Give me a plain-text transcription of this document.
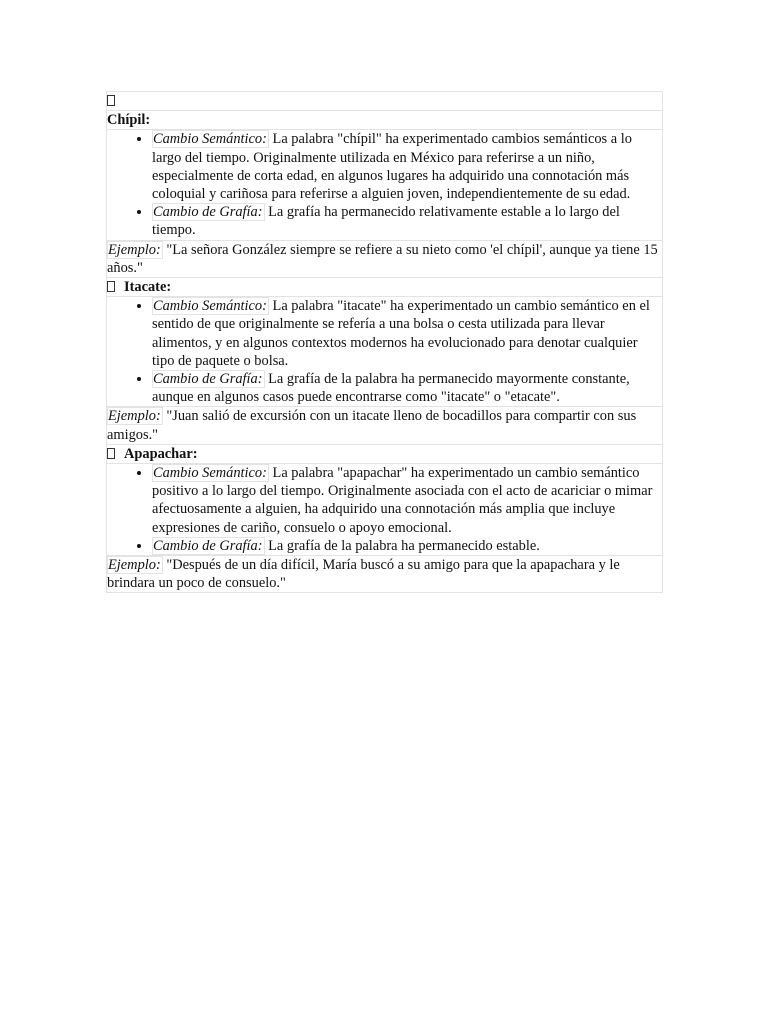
Chípil:
• Cambio Semántico: La palabra "chípil" ha experimentado cambios semánticos a lo largo del tiempo. Originalmente utilizada en México para referirse a un niño, especialmente de corta edad, en algunos lugares ha adquirido una connotación más coloquial y cariñosa para referirse a alguien joven, independientemente de su edad.
• Cambio de Grafía: La grafía ha permanecido relativamente estable a lo largo del tiempo.
Ejemplo: "La señora González siempre se refiere a su nieto como 'el chípil', aunque ya tiene 15 años."
Itacate:
• Cambio Semántico: La palabra "itacate" ha experimentado un cambio semántico en el sentido de que originalmente se refería a una bolsa o cesta utilizada para llevar alimentos, y en algunos contextos modernos ha evolucionado para denotar cualquier tipo de paquete o bolsa.
• Cambio de Grafía: La grafía de la palabra ha permanecido mayormente constante, aunque en algunos casos puede encontrarse como "itacate" o "etacate".
Ejemplo: "Juan salió de excursión con un itacate lleno de bocadillos para compartir con sus amigos."
Apapachar:
• Cambio Semántico: La palabra "apapachar" ha experimentado un cambio semántico positivo a lo largo del tiempo. Originalmente asociada con el acto de acariciar o mimar afectuosamente a alguien, ha adquirido una connotación más amplia que incluye expresiones de cariño, consuelo o apoyo emocional.
• Cambio de Grafía: La grafía de la palabra ha permanecido estable.
Ejemplo: "Después de un día difícil, María buscó a su amigo para que la apapachara y le brindara un poco de consuelo."
